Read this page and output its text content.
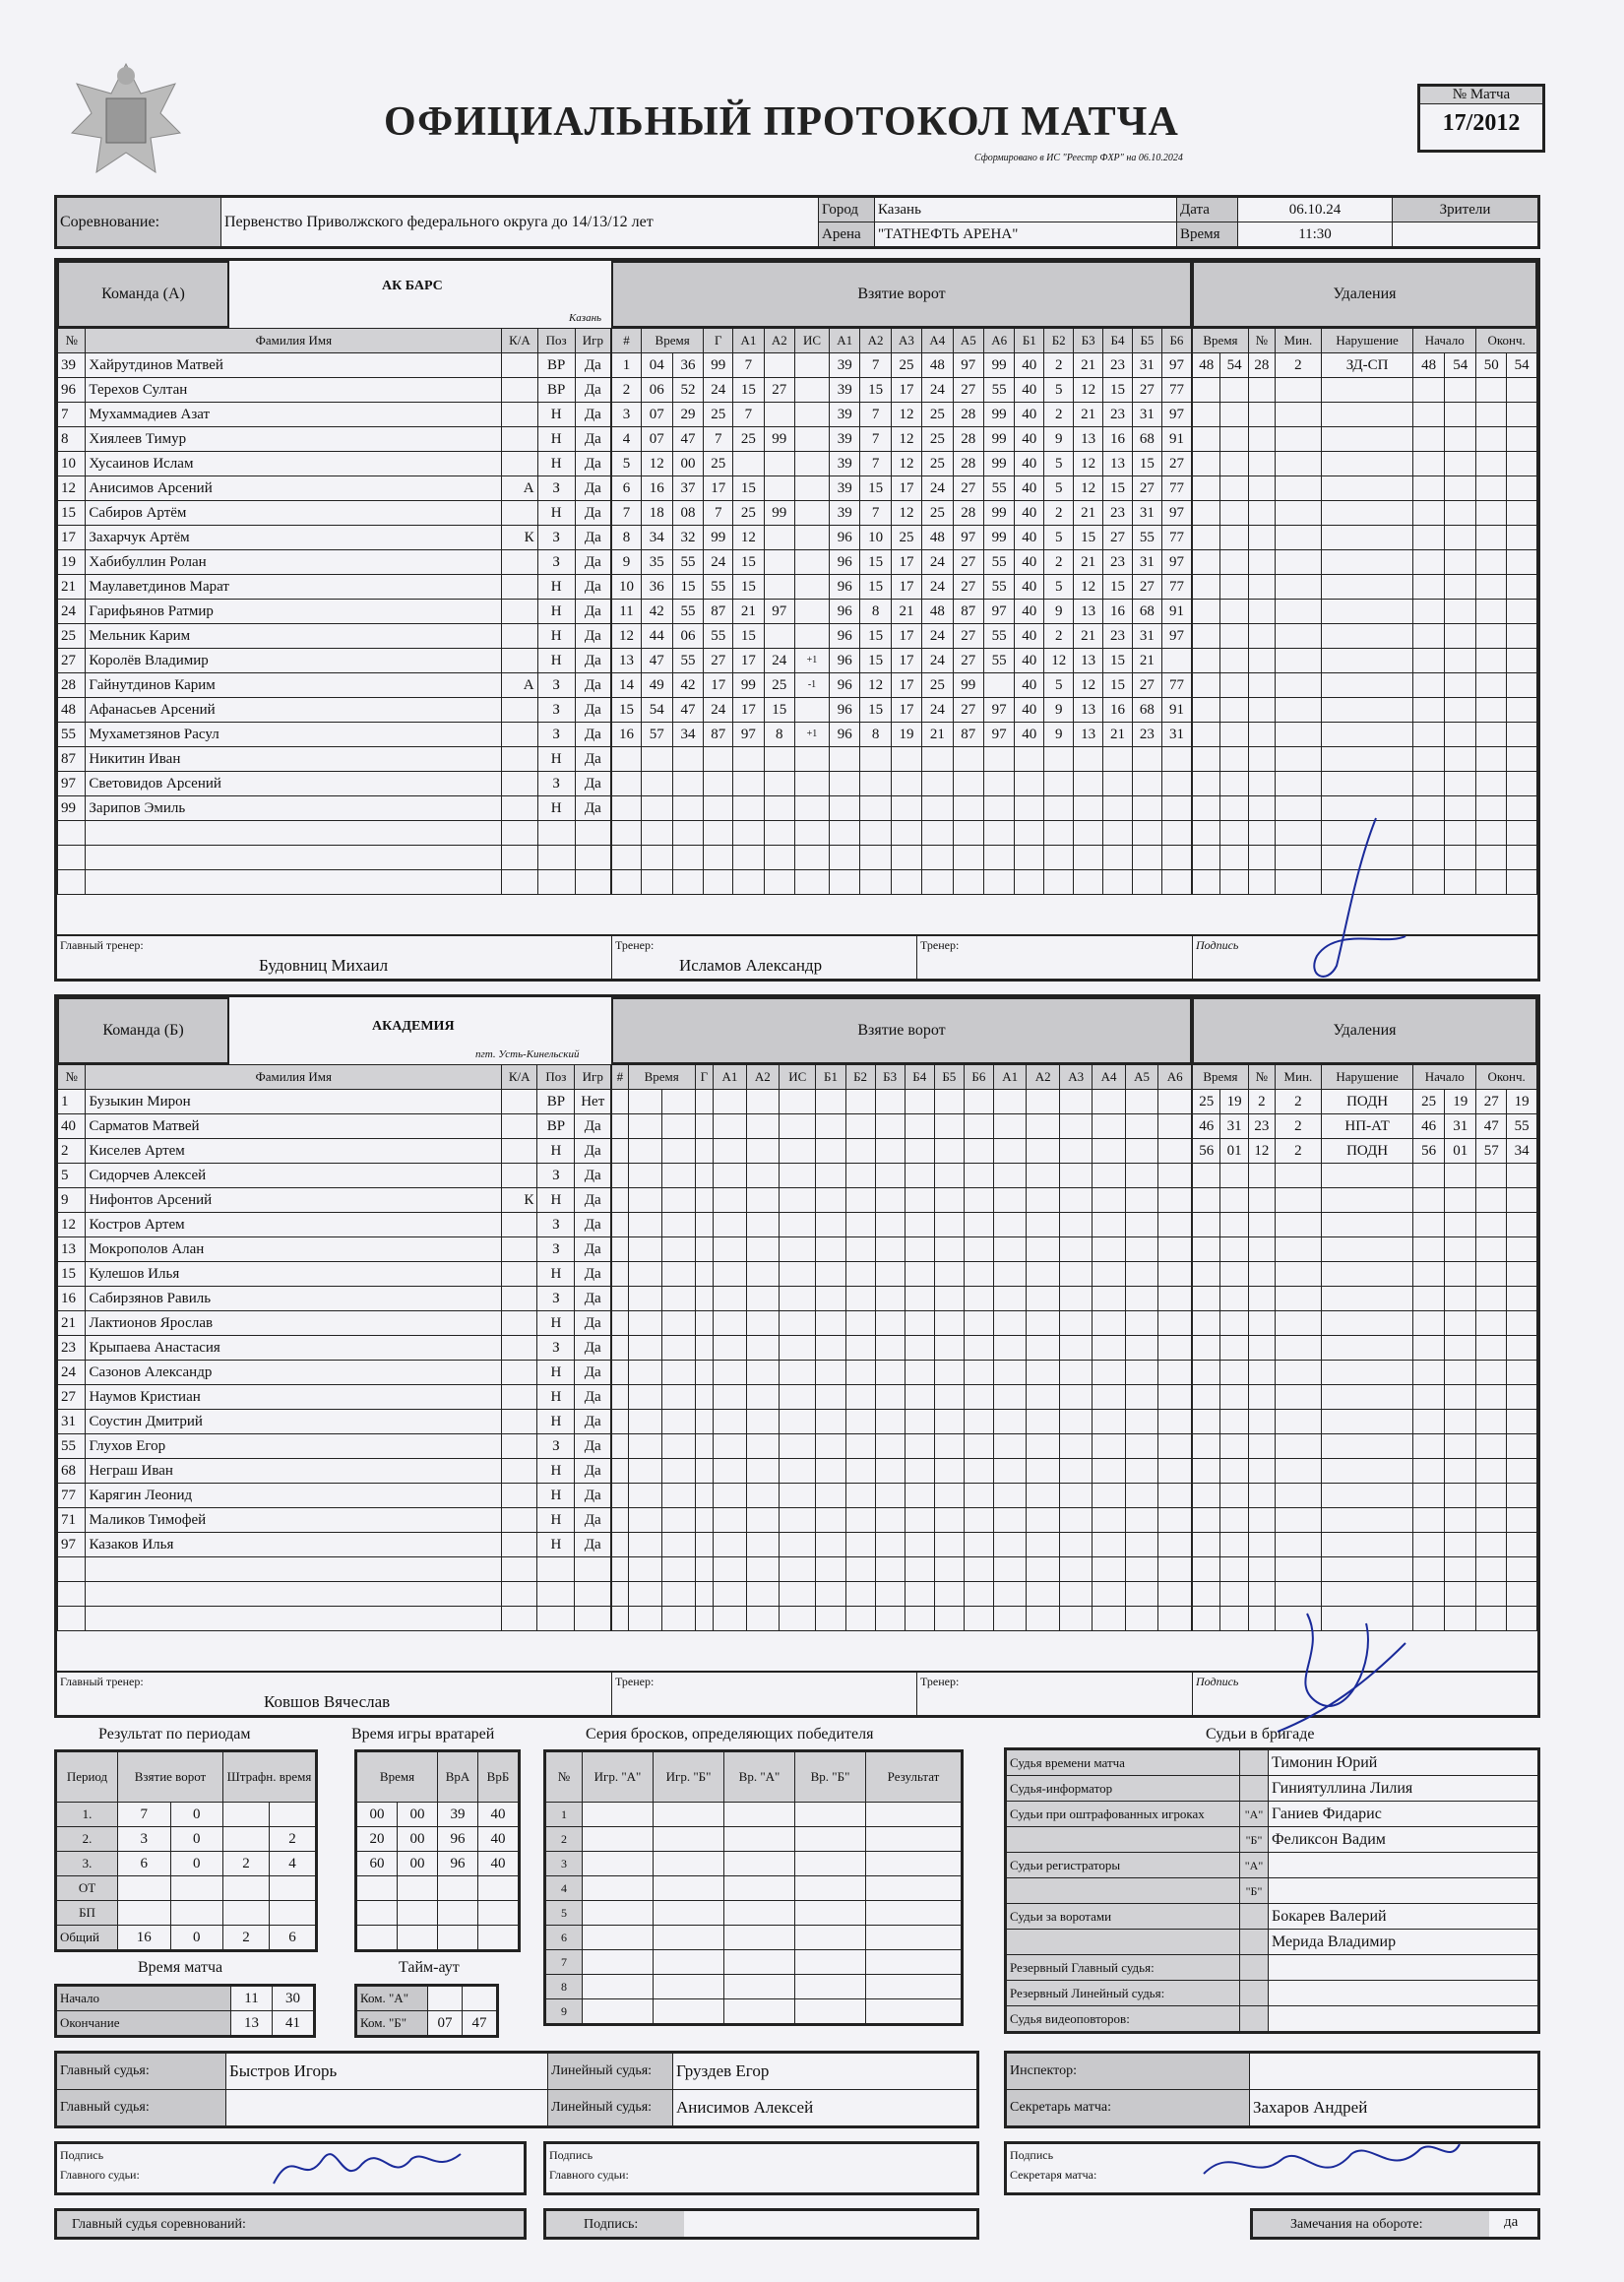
ОФИЦИАЛЬНЫЙ ПРОТОКОЛ МАТЧА
Сформировано в ИС "Реестр ФХР" на 06.10.2024
№ Матча
17/2012
Соревнование:	Первенство Приволжского федерального округа до 14/13/12 лет	Город	Казань	Дата	06.10.24	Зрители
		Арена	"ТАТНЕФТЬ АРЕНА"	Время	11:30	
Команда (А)	АК БАРС
Казань
Взятие ворот	Удаления
№	Фамилия Имя	К/А	Поз	Игр
39	Хайрутдинов Матвей		ВР	Да
96	Терехов Султан		ВР	Да
7	Мухаммадиев Азат		Н	Да
8	Хиялеев Тимур		Н	Да
10	Хусаинов Ислам		Н	Да
12	Анисимов Арсений	А	З	Да
15	Сабиров Артём		Н	Да
17	Захарчук Артём	К	З	Да
19	Хабибуллин Ролан		З	Да
21	Маулаветдинов Марат		Н	Да
24	Гарифьянов Ратмир		Н	Да
25	Мельник Карим		Н	Да
27	Королёв Владимир		Н	Да
28	Гайнутдинов Карим	А	З	Да
48	Афанасьев Арсений		З	Да
55	Мухаметзянов Расул		З	Да
87	Никитин Иван		Н	Да
97	Световидов Арсений		З	Да
99	Зарипов Эмиль		Н	Да

#	Время		Г	А1	А2	ИС	А1	А2	А3	А4	А5	А6	Б1	Б2	Б3	Б4	Б5	Б6
1	04	36	99	7			39	7	25	48	97	99	40	2	21	23	31	97
2	06	52	24	15	27		39	15	17	24	27	55	40	5	12	15	27	77
3	07	29	25	7			39	7	12	25	28	99	40	2	21	23	31	97
4	07	47	7	25	99		39	7	12	25	28	99	40	9	13	16	68	91
5	12	00	25				39	7	12	25	28	99	40	5	12	13	15	27
6	16	37	17	15			39	15	17	24	27	55	40	5	12	15	27	77
7	18	08	7	25	99		39	7	12	25	28	99	40	2	21	23	31	97
8	34	32	99	12			96	10	25	48	97	99	40	5	15	27	55	77
9	35	55	24	15			96	15	17	24	27	55	40	2	21	23	31	97
10	36	15	55	15			96	15	17	24	27	55	40	5	12	15	27	77
11	42	55	87	21	97		96	8	21	48	87	97	40	9	13	16	68	91
12	44	06	55	15			96	15	17	24	27	55	40	2	21	23	31	97
13	47	55	27	17	24	+1	96	15	17	24	27	55	40	12	13	15	21	
14	49	42	17	99	25	-1	96	12	17	25	99		40	5	12	15	27	77
15	54	47	24	17	15		96	15	17	24	27	97	40	9	13	16	68	91
16	57	34	87	97	8	+1	96	8	19	21	87	97	40	9	13	21	23	31

Время		№	Мин.	Нарушение	Начало		Оконч.	
48	54	28	2	ЗД-СП	48	54	50	54

Главный тренер:
Будовниц Михаил
Тренер:
Исламов Александр
Тренер:	Подпись
Команда (Б)	АКАДЕМИЯ
пгт. Усть-Кинельский
Взятие ворот	Удаления
№	Фамилия Имя	К/А	Поз	Игр
1	Бузыкин Мирон		ВР	Нет
40	Сарматов Матвей		ВР	Да
2	Киселев Артем		Н	Да
5	Сидорчев Алексей		З	Да
9	Нифонтов Арсений	К	Н	Да
12	Костров Артем		З	Да
13	Мокрополов Алан		З	Да
15	Кулешов Илья		Н	Да
16	Сабирзянов Равиль		З	Да
21	Лактионов Ярослав		Н	Да
23	Крыпаева Анастасия		З	Да
24	Сазонов Александр		Н	Да
27	Наумов Кристиан		Н	Да
31	Соустин Дмитрий		Н	Да
55	Глухов Егор		З	Да
68	Неграш Иван		Н	Да
77	Карягин Леонид		Н	Да
71	Маликов Тимофей		Н	Да
97	Казаков Илья		Н	Да

#	Время		Г	А1	А2	ИС	Б1	Б2	Б3	Б4	Б5	Б6	А1	А2	А3	А4	А5	А6

																		Время		№	Мин.	Нарушение	Начало		Оконч.	
25	19	2	2	ПОДН	25	19	27	19
46	31	23	2	НП-АТ	46	31	47	55
56	01	12	2	ПОДН	56	01	57	34

Главный тренер:
Ковшов Вячеслав
Тренер:	Тренер:	Подпись
Результат по периодам
Период	Взятие ворот		Штрафн. время	
1.	7	0		
2.	3	0		2
3.	6	0	2	4
ОТ				
БП				
Общий	16	0	2	6
Время игры вратарей
Время		ВрА	ВрБ
00	00	39	40
20	00	96	40
60	00	96	40

Время матча
Начало	11	30
Окончание	13	41
Тайм-аут
Ком. "А"		
Ком. "Б"	07	47
Серия бросков, определяющих победителя
№	Игр. "А"	Игр. "Б"	Вр. "А"	Вр. "Б"	Результат
1					
2					
3					
4					
5					
6					
7					
8					
9					
Судьи в бригаде
Судья времени матча		Тимонин Юрий
Судья-информатор		Гиниятуллина Лилия
Судьи при оштрафованных игроках	"А"	Ганиев Фидарис
	"Б"	Феликсон Вадим
Судьи регистраторы	"А"	
	"Б"	
Судьи за воротами		Бокарев Валерий
		Мерида Владимир
Резервный Главный судья:		
Резервный Линейный судья:		
Судья видеоповторов:		
Главный судья:	Быстров Игорь	Линейный судья:	Груздев Егор
Главный судья:		Линейный судья:	Анисимов Алексей
Инспектор:	
Секретарь матча:	Захаров Андрей
Подпись
Главного судьи:
Подпись
Главного судьи:
Подпись
Секретаря матча:
Главный судья соревнований:	Подпись:	Замечания на обороте:	да
